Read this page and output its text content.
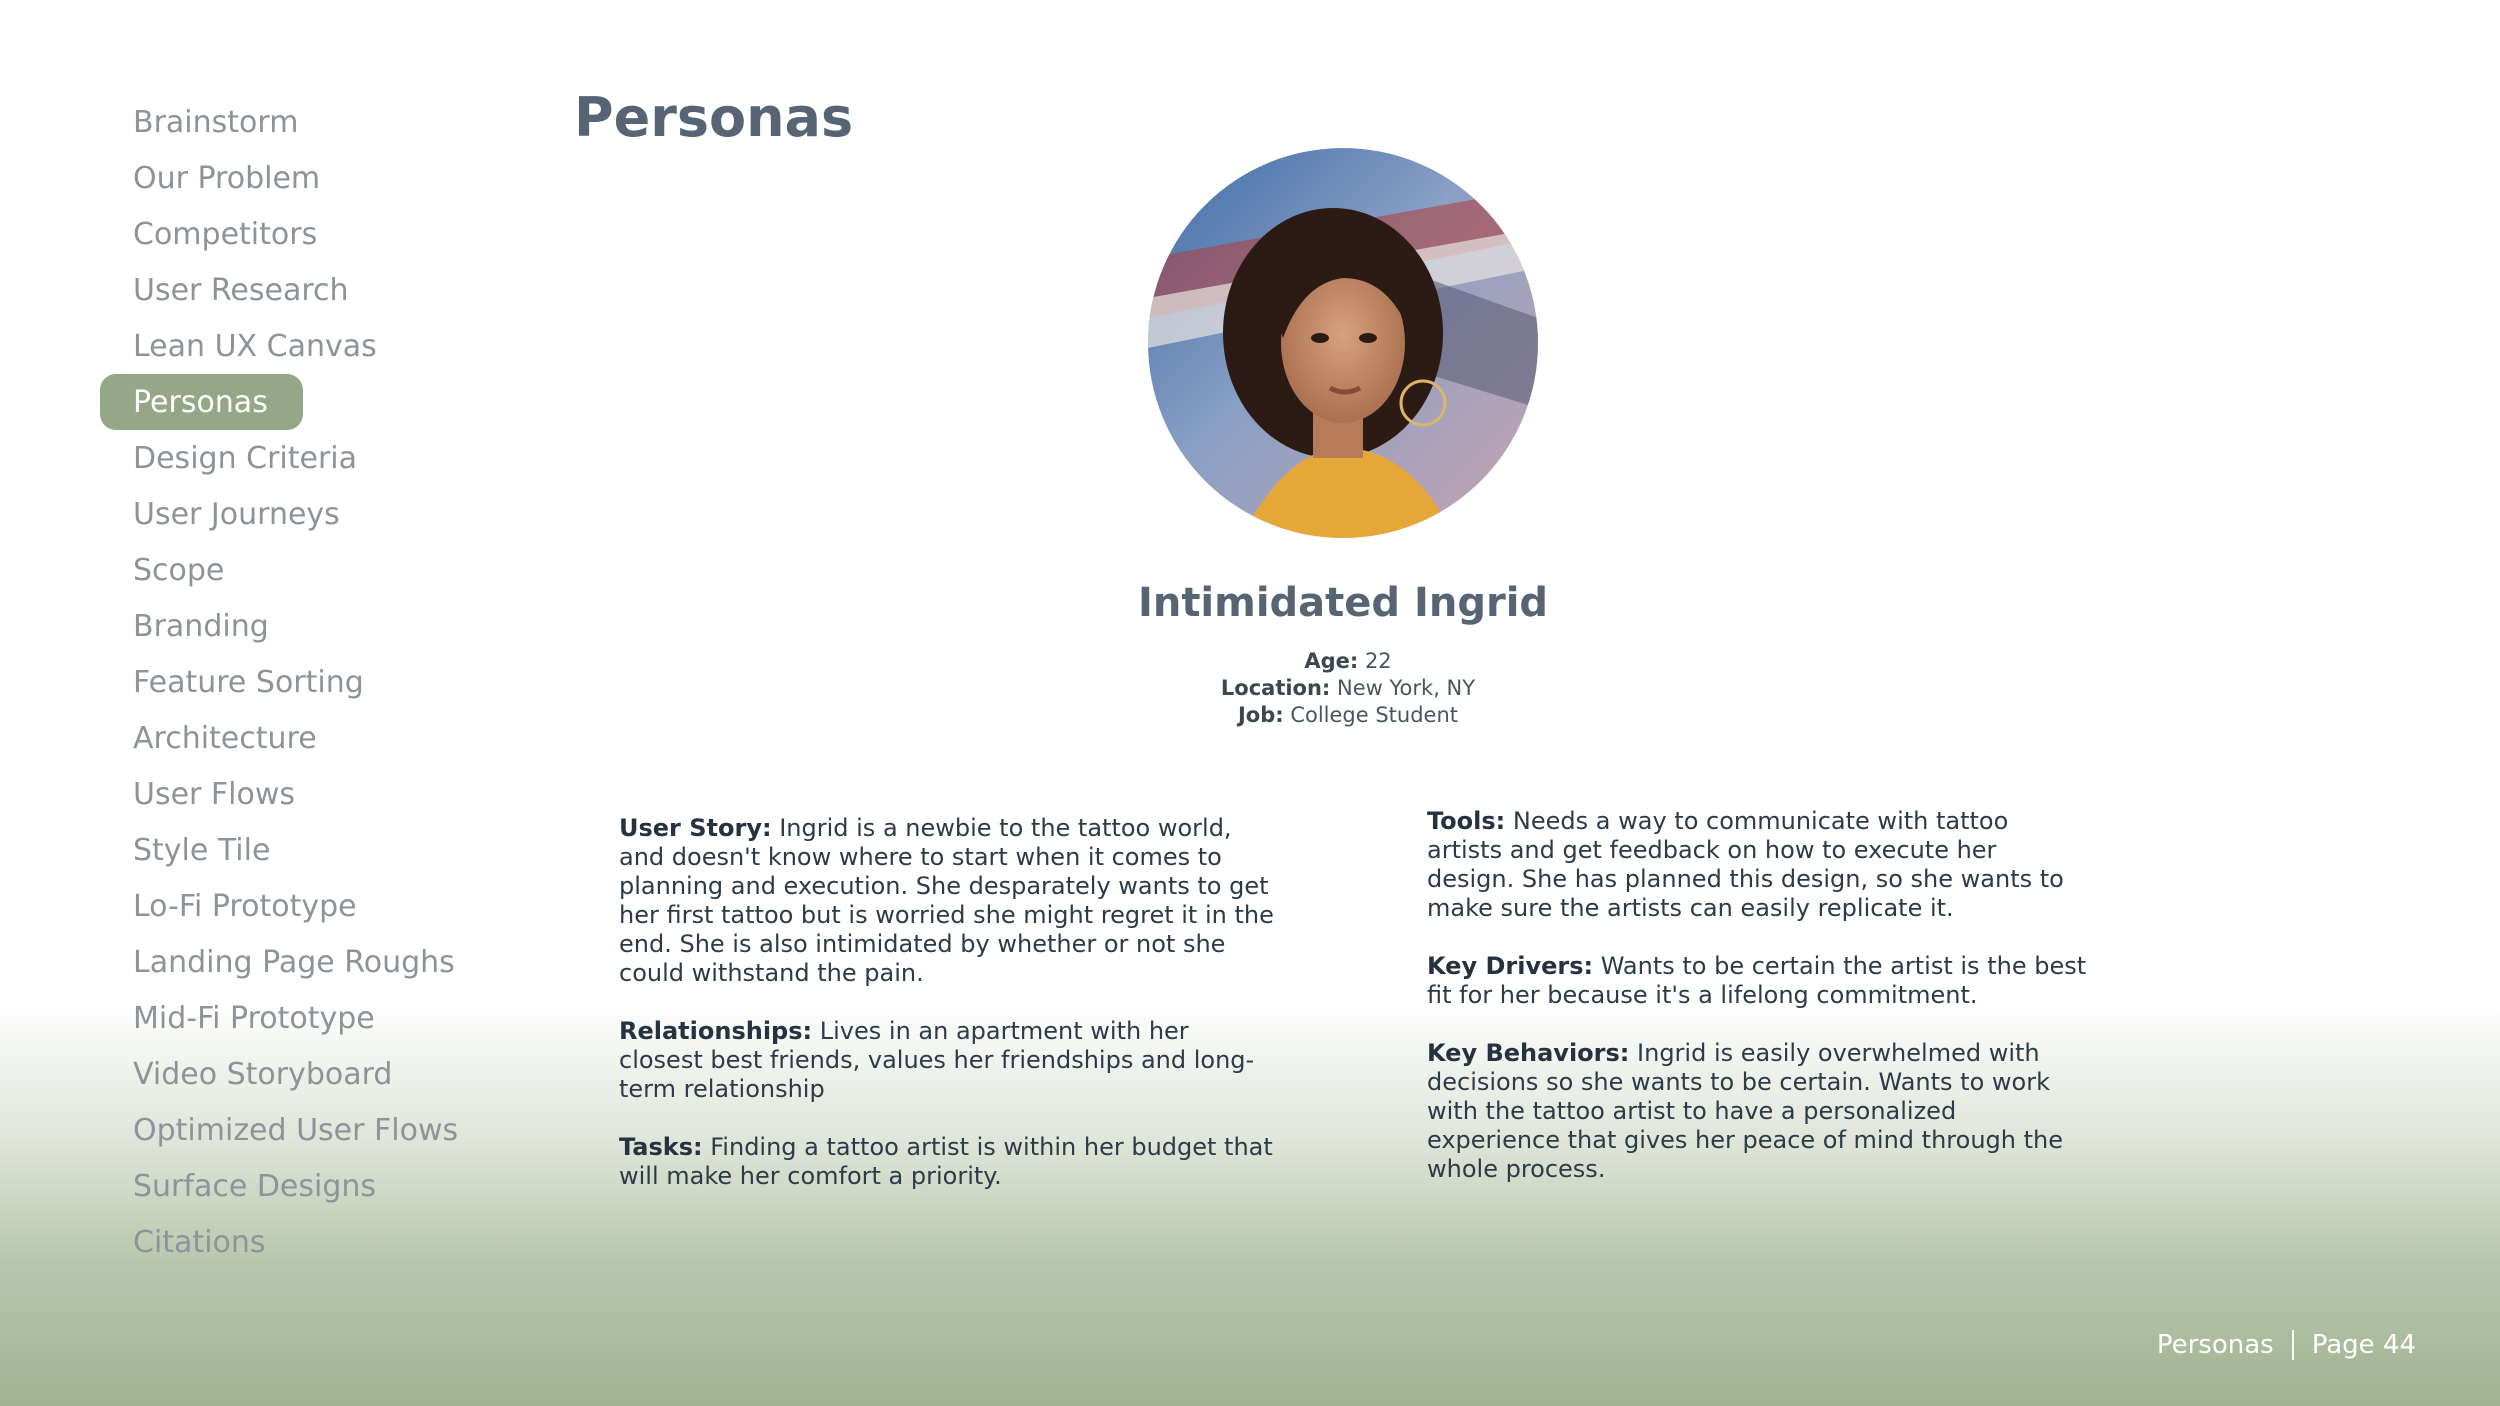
Brainstorm
Our Problem
Competitors
User Research
Lean UX Canvas
Personas
Design Criteria
User Journeys
Scope
Branding
Feature Sorting
Architecture
User Flows
Style Tile
Lo-Fi Prototype
Landing Page Roughs
Mid-Fi Prototype
Video Storyboard
Optimized User Flows
Surface Designs
Citations
Personas
Intimidated Ingrid
Age: 22
Location: New York, NY
Job: College Student

User Story: Ingrid is a newbie to the tattoo world, and doesn't know where to start when it comes to planning and execution. She desparately wants to get her first tattoo but is worried she might regret it in the end. She is also intimidated by whether or not she could withstand the pain.

Relationships: Lives in an apartment with her closest best friends, values her friendships and long-term relationship

Tasks: Finding a tattoo artist is within her budget that will make her comfort a priority.

Tools: Needs a way to communicate with tattoo artists and get feedback on how to execute her design. She has planned this design, so she wants to make sure the artists can easily replicate it.

Key Drivers: Wants to be certain the artist is the best fit for her because it's a lifelong commitment.

Key Behaviors: Ingrid is easily overwhelmed with decisions so she wants to be certain. Wants to work with the tattoo artist to have a personalized experience that gives her peace of mind through the whole process.

Personas Page 44
